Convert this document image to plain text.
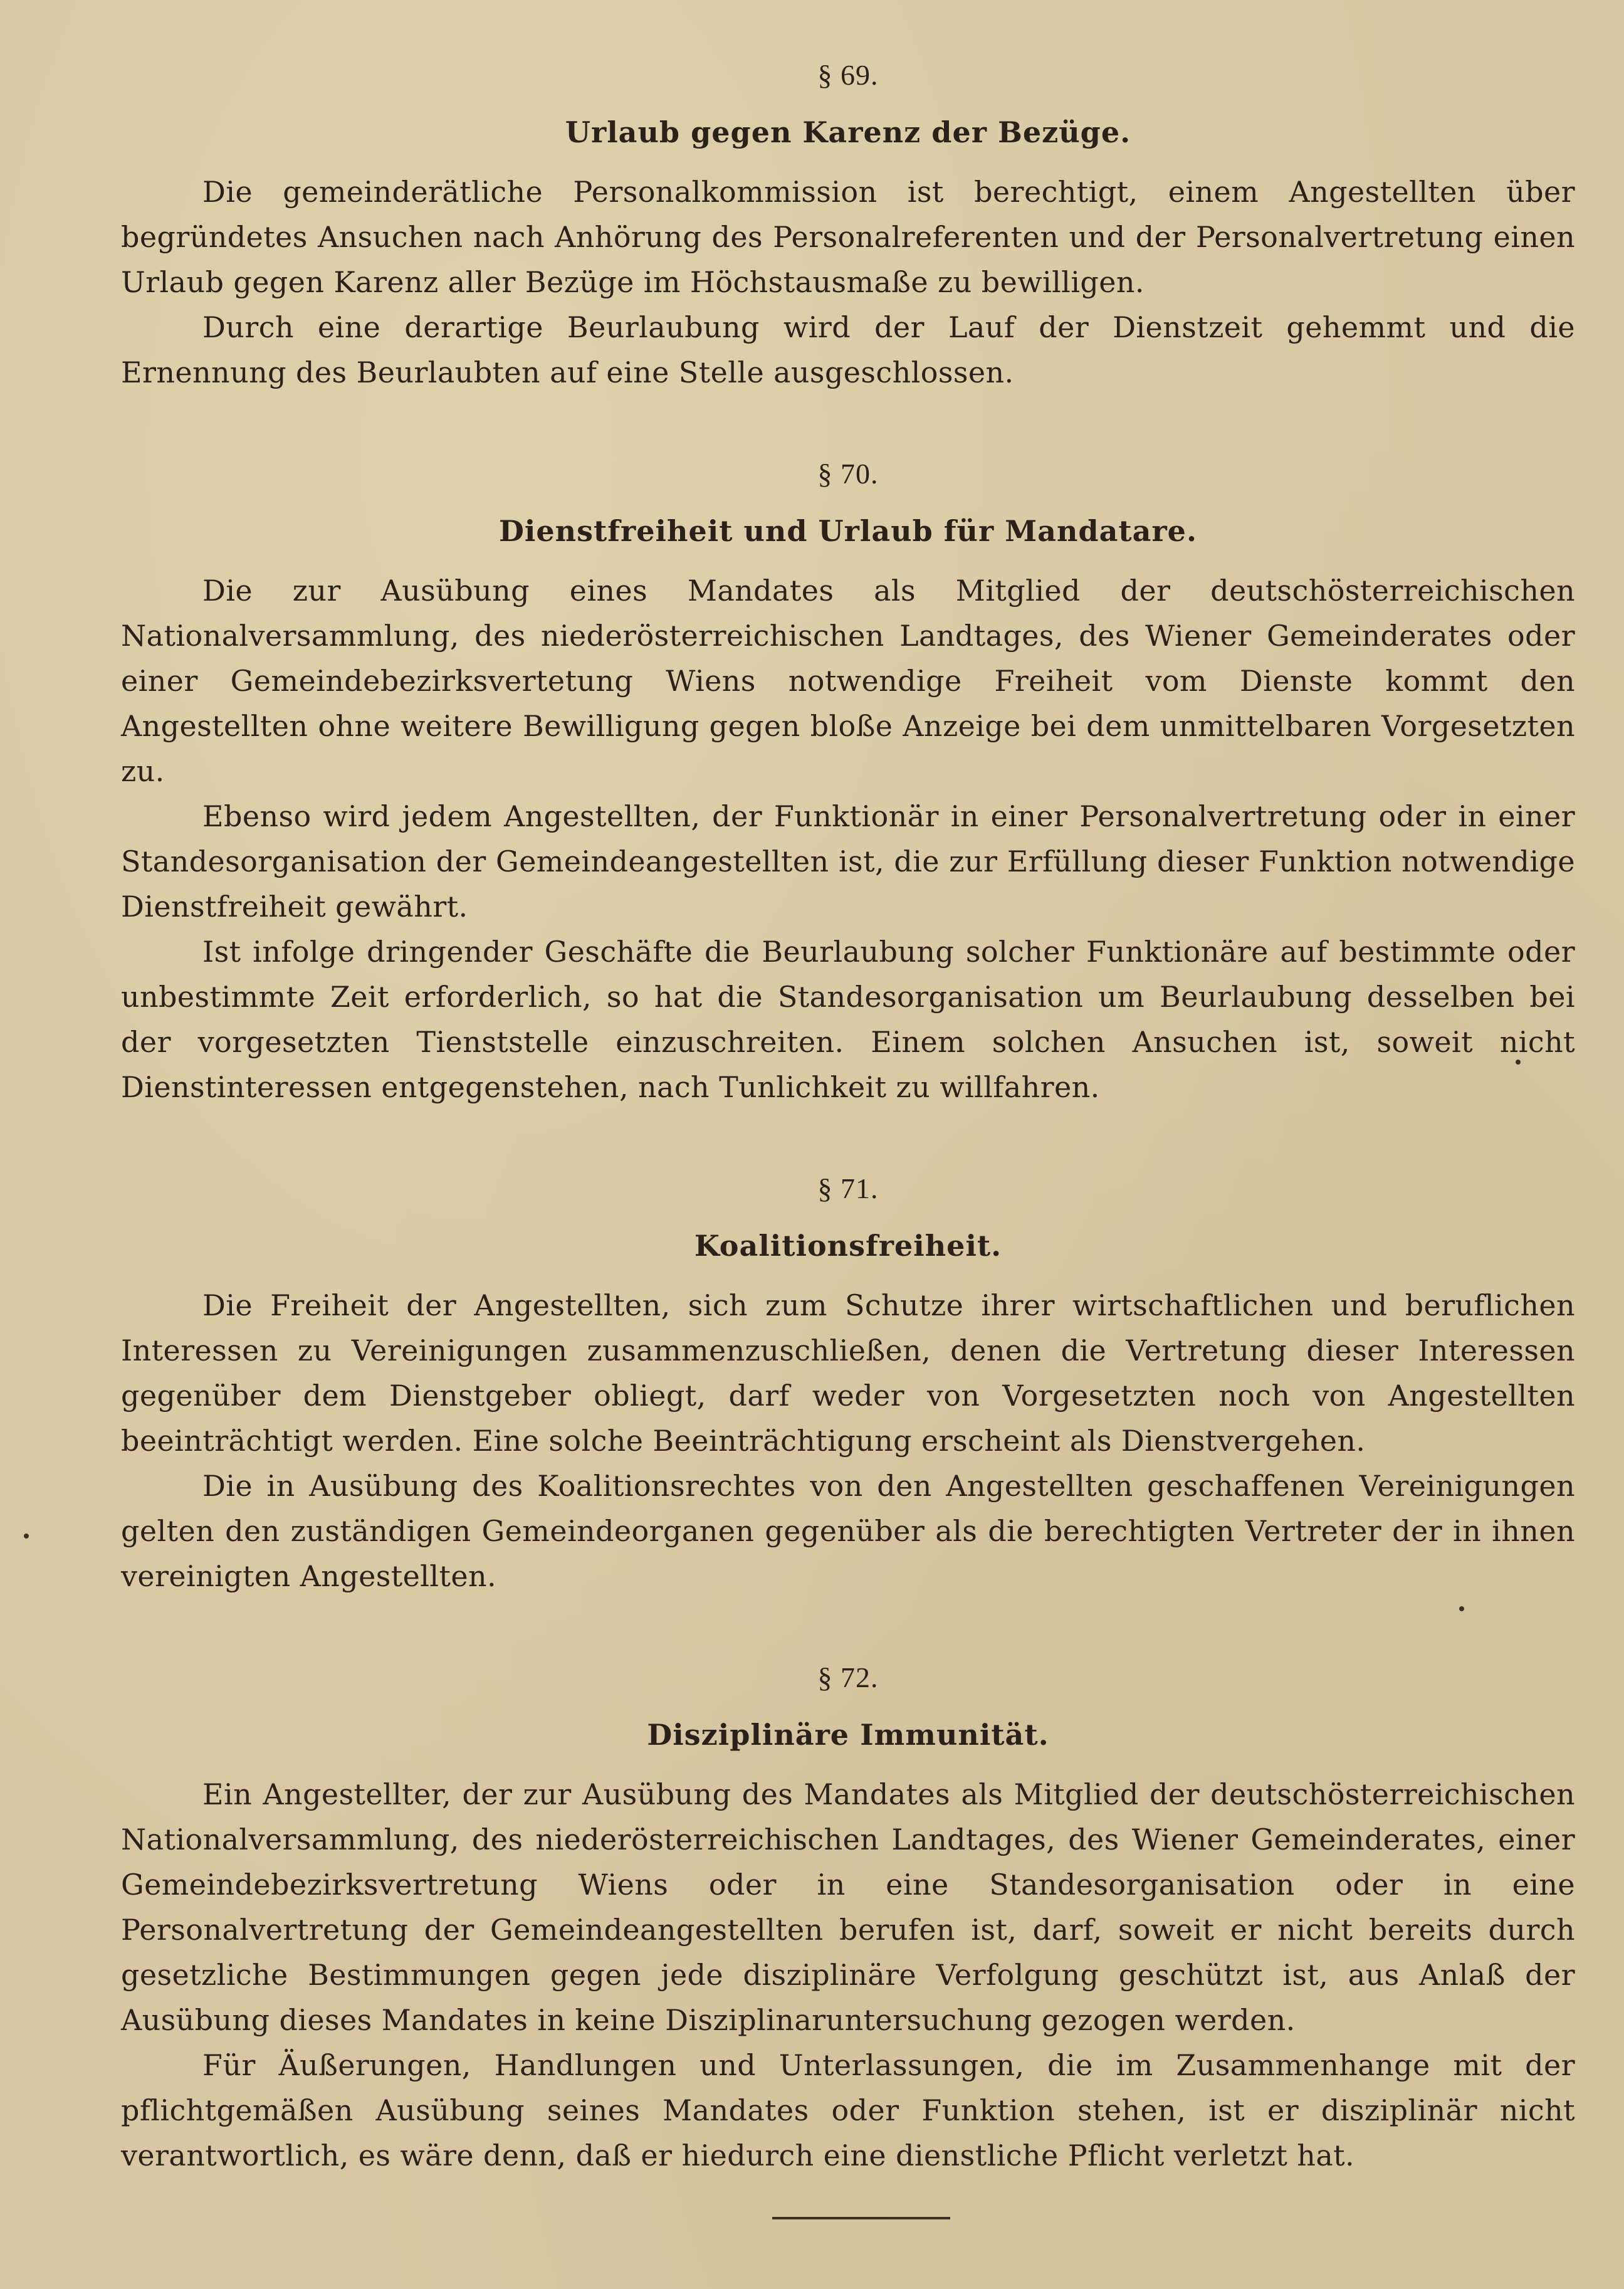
§ 69.
Urlaub gegen Karenz der Bezüge.

Die gemeinderätliche Personalkommission ist berechtigt, einem Angestellten über begründetes Ansuchen nach Anhörung des Personalreferenten und der Personalvertretung einen Urlaub gegen Karenz aller Bezüge im Höchstausmaße zu bewilligen.

Durch eine derartige Beurlaubung wird der Lauf der Dienstzeit gehemmt und die Ernennung des Beurlaubten auf eine Stelle ausgeschlossen.

§ 70.
Dienstfreiheit und Urlaub für Mandatare.

Die zur Ausübung eines Mandates als Mitglied der deutschösterreichischen Nationalversammlung, des niederösterreichischen Landtages, des Wiener Gemeinderates oder einer Gemeindebezirksvertetung Wiens notwendige Freiheit vom Dienste kommt den Angestellten ohne weitere Bewilligung gegen bloße Anzeige bei dem unmittelbaren Vorgesetzten zu.

Ebenso wird jedem Angestellten, der Funktionär in einer Personalvertretung oder in einer Standesorganisation der Gemeindeangestellten ist, die zur Erfüllung dieser Funktion notwendige Dienstfreiheit gewährt.

Ist infolge dringender Geschäfte die Beurlaubung solcher Funktionäre auf bestimmte oder unbestimmte Zeit erforderlich, so hat die Standesorganisation um Beurlaubung desselben bei der vorgesetzten Tienststelle einzuschreiten. Einem solchen Ansuchen ist, soweit nicht Dienstinteressen entgegenstehen, nach Tunlichkeit zu willfahren.

§ 71.
Koalitionsfreiheit.

Die Freiheit der Angestellten, sich zum Schutze ihrer wirtschaftlichen und beruflichen Interessen zu Vereinigungen zusammenzuschließen, denen die Vertretung dieser Interessen gegenüber dem Dienstgeber obliegt, darf weder von Vorgesetzten noch von Angestellten beeinträchtigt werden. Eine solche Beeinträchtigung erscheint als Dienstvergehen.

Die in Ausübung des Koalitionsrechtes von den Angestellten geschaffenen Vereinigungen gelten den zuständigen Gemeindeorganen gegenüber als die berechtigten Vertreter der in ihnen vereinigten Angestellten.

§ 72.
Disziplinäre Immunität.

Ein Angestellter, der zur Ausübung des Mandates als Mitglied der deutschösterreichischen Nationalversammlung, des niederösterreichischen Landtages, des Wiener Gemeinderates, einer Gemeindebezirksvertretung Wiens oder in eine Standesorganisation oder in eine Personalvertretung der Gemeindeangestellten berufen ist, darf, soweit er nicht bereits durch gesetzliche Bestimmungen gegen jede disziplinäre Verfolgung geschützt ist, aus Anlaß der Ausübung dieses Mandates in keine Disziplinaruntersuchung gezogen werden.

Für Äußerungen, Handlungen und Unterlassungen, die im Zusammenhange mit der pflichtgemäßen Ausübung seines Mandates oder Funktion stehen, ist er disziplinär nicht verantwortlich, es wäre denn, daß er hiedurch eine dienstliche Pflicht verletzt hat.
